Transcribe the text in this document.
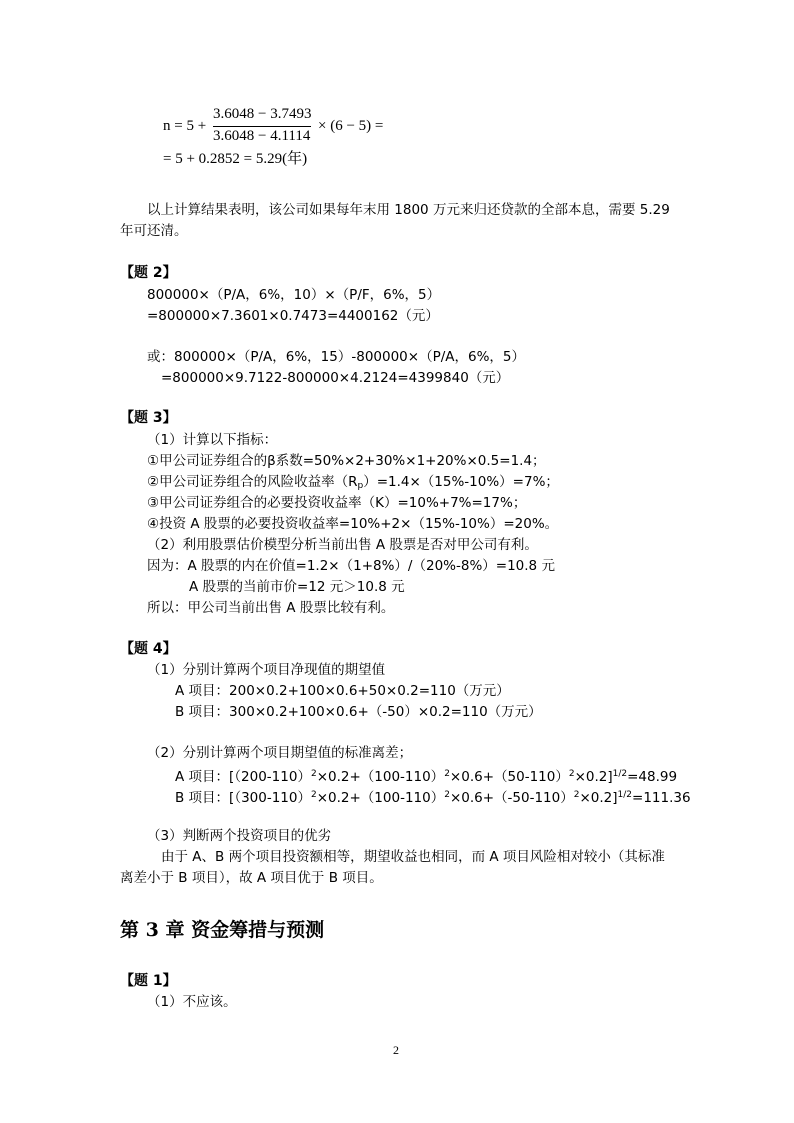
n = 5 +
3.6048 − 3.7493
3.6048 − 4.1114
× (6 − 5) =
= 5 + 0.2852 = 5.29(年)
以上计算结果表明，该公司如果每年末用 1800 万元来归还贷款的全部本息，需要 5.29
年可还清。
【题 2】
800000×（P/A，6%，10）×（P/F，6%，5）
=800000×7.3601×0.7473=4400162（元）
或：800000×（P/A，6%，15）-800000×（P/A，6%，5）
=800000×9.7122-800000×4.2124=4399840（元）
【题 3】
（1）计算以下指标：
①甲公司证券组合的β系数=50%×2+30%×1+20%×0.5=1.4；
②甲公司证券组合的风险收益率$(R_p)=1.4\times(15\%-10\%)=7\%$；
③甲公司证券组合的必要投资收益率（K）=10%+7%=17%；
④投资 A 股票的必要投资收益率=10%+2×（15%-10%）=20%。
（2）利用股票估价模型分析当前出售 A 股票是否对甲公司有利。
因为：A 股票的内在价值=1.2×（1+8%）/（20%-8%）=10.8 元
A 股票的当前市价=12 元＞10.8 元
所以：甲公司当前出售 A 股票比较有利。
【题 4】
（1）分别计算两个项目净现值的期望值
A 项目：200×0.2+100×0.6+50×0.2=110（万元）
B 项目：300×0.2+100×0.6+（-50）×0.2=110（万元）
（2）分别计算两个项目期望值的标准离差；
A 项目：$[(200-110)^2\times 0.2+(100-110)^2\times 0.6+(50-110)^2\times 0.2]^{1/2}=48.99$
B 项目：$[(300-110)^2\times 0.2+(100-110)^2\times 0.6+(-50-110)^2\times 0.2]^{1/2}=111.36$
（3）判断两个投资项目的优劣
由于 A、B 两个项目投资额相等，期望收益也相同，而 A 项目风险相对较小（其标准
离差小于 B 项目），故 A 项目优于 B 项目。
第 3 章 资金筹措与预测
【题 1】
（1）不应该。
2
